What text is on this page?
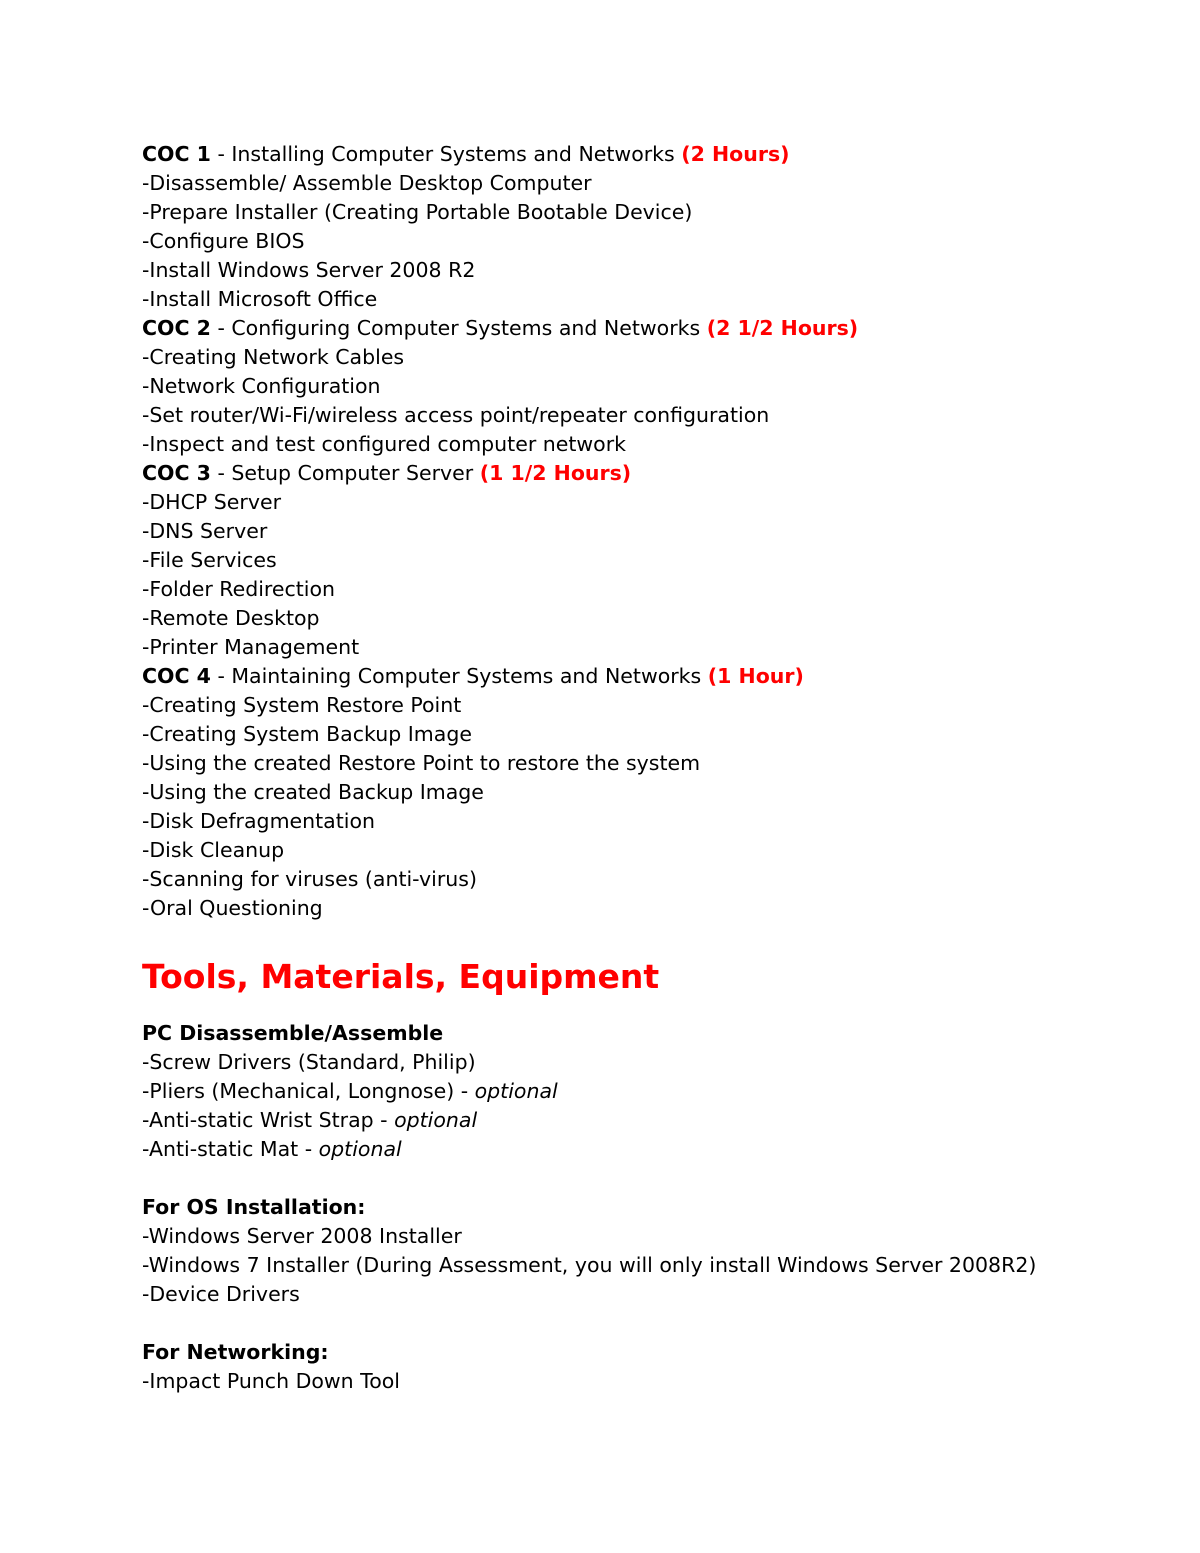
COC 1 - Installing Computer Systems and Networks (2 Hours)
-Disassemble/ Assemble Desktop Computer
-Prepare Installer (Creating Portable Bootable Device)
-Configure BIOS
-Install Windows Server 2008 R2
-Install Microsoft Office
COC 2 - Configuring Computer Systems and Networks (2 1/2 Hours)
-Creating Network Cables
-Network Configuration
-Set router/Wi-Fi/wireless access point/repeater configuration
-Inspect and test configured computer network
COC 3 - Setup Computer Server (1 1/2 Hours)
-DHCP Server
-DNS Server
-File Services
-Folder Redirection
-Remote Desktop
-Printer Management
COC 4 - Maintaining Computer Systems and Networks (1 Hour)
-Creating System Restore Point
-Creating System Backup Image
-Using the created Restore Point to restore the system
-Using the created Backup Image
-Disk Defragmentation
-Disk Cleanup
-Scanning for viruses (anti-virus)
-Oral Questioning
Tools, Materials, Equipment
PC Disassemble/Assemble
-Screw Drivers (Standard, Philip)
-Pliers (Mechanical, Longnose) - optional
-Anti-static Wrist Strap - optional
-Anti-static Mat - optional
For OS Installation:
-Windows Server 2008 Installer
-Windows 7 Installer (During Assessment, you will only install Windows Server 2008R2)
-Device Drivers
For Networking:
-Impact Punch Down Tool
